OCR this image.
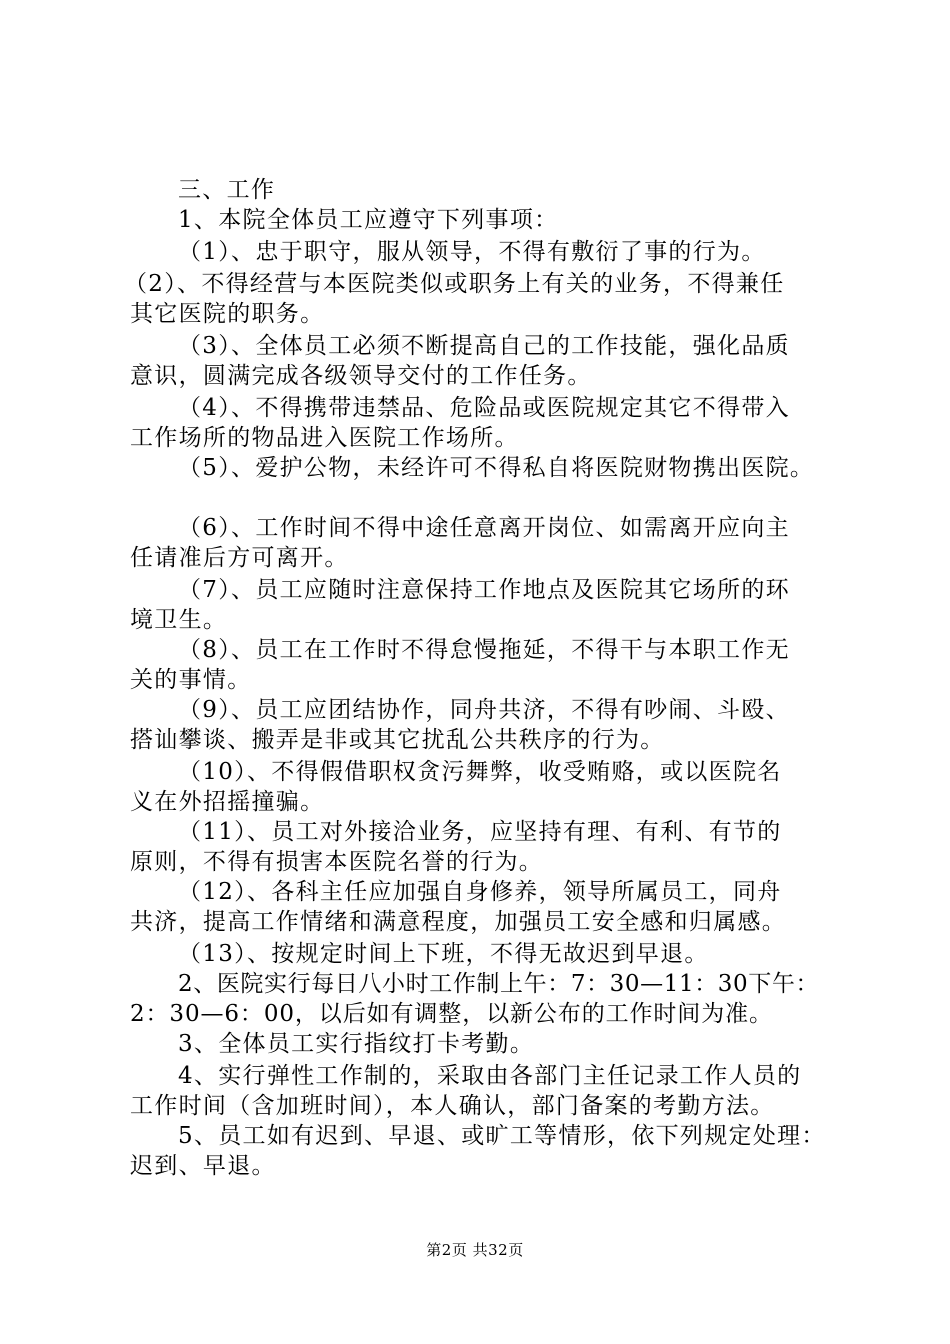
三、工作
1、本院全体员工应遵守下列事项：
（1）、忠于职守，服从领导，不得有敷衍了事的行为。
（2）、不得经营与本医院类似或职务上有关的业务，不得兼任
其它医院的职务。
（3）、全体员工必须不断提高自己的工作技能，强化品质
意识，圆满完成各级领导交付的工作任务。
（4）、不得携带违禁品、危险品或医院规定其它不得带入
工作场所的物品进入医院工作场所。
（5）、爱护公物，未经许可不得私自将医院财物携出医院。
（6）、工作时间不得中途任意离开岗位、如需离开应向主
任请准后方可离开。
（7）、员工应随时注意保持工作地点及医院其它场所的环
境卫生。
（8）、员工在工作时不得怠慢拖延，不得干与本职工作无
关的事情。
（9）、员工应团结协作，同舟共济，不得有吵闹、斗殴、
搭讪攀谈、搬弄是非或其它扰乱公共秩序的行为。
（10）、不得假借职权贪污舞弊，收受贿赂，或以医院名
义在外招摇撞骗。
（11）、员工对外接洽业务，应坚持有理、有利、有节的
原则，不得有损害本医院名誉的行为。
（12）、各科主任应加强自身修养，领导所属员工，同舟
共济，提高工作情绪和满意程度，加强员工安全感和归属感。
（13）、按规定时间上下班，不得无故迟到早退。
2、医院实行每日八小时工作制上午：7：30—11：30下午：
2：30—6：00，以后如有调整，以新公布的工作时间为准。
3、全体员工实行指纹打卡考勤。
4、实行弹性工作制的，采取由各部门主任记录工作人员的
工作时间（含加班时间），本人确认，部门备案的考勤方法。
5、员工如有迟到、早退、或旷工等情形，依下列规定处理：
迟到、早退。
第2页 共32页
